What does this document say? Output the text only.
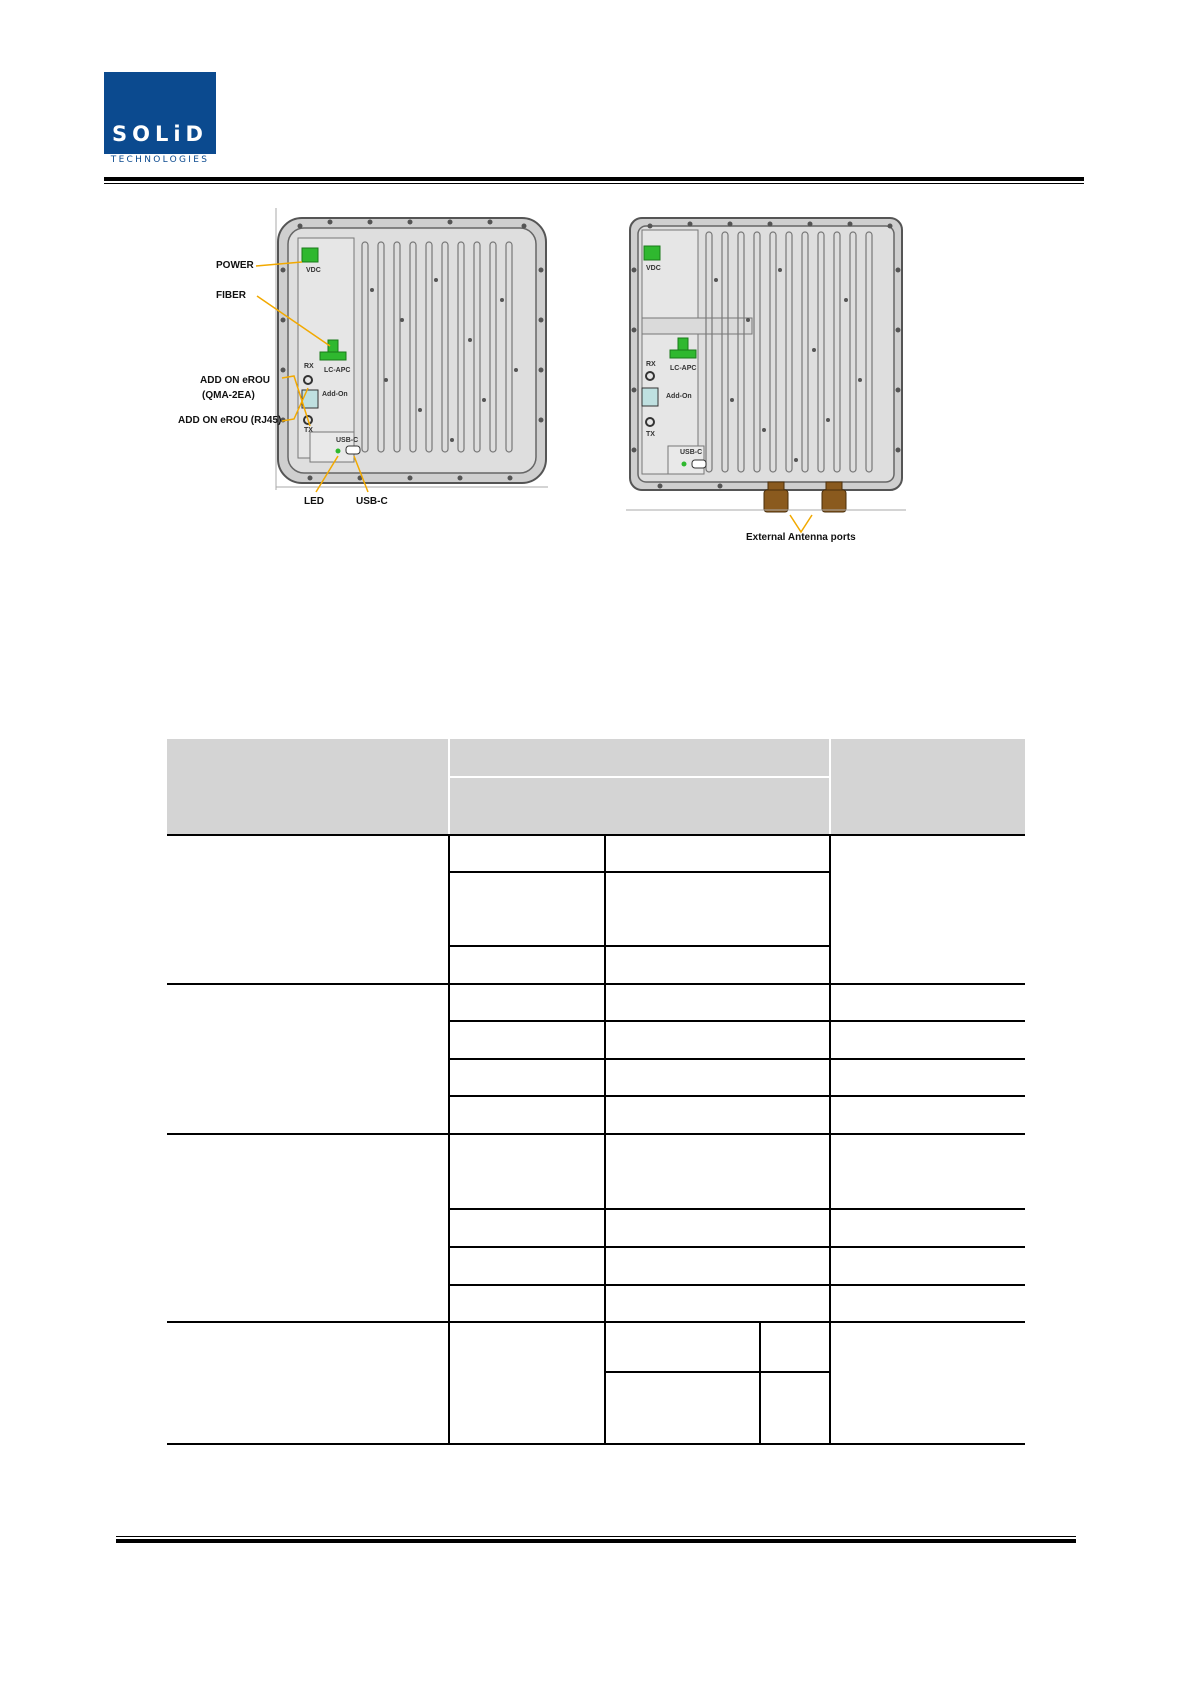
SOLiD
TECHNOLOGIES
VDC
LC-APC
RX
Add-On
TX
USB-C
POWER
FIBER
ADD ON eROU
(QMA-2EA)
ADD ON eROU (RJ45)
LED	USB-C
VDC
LC-APC
RX
Add-On
TX
USB-C
External Antenna ports
